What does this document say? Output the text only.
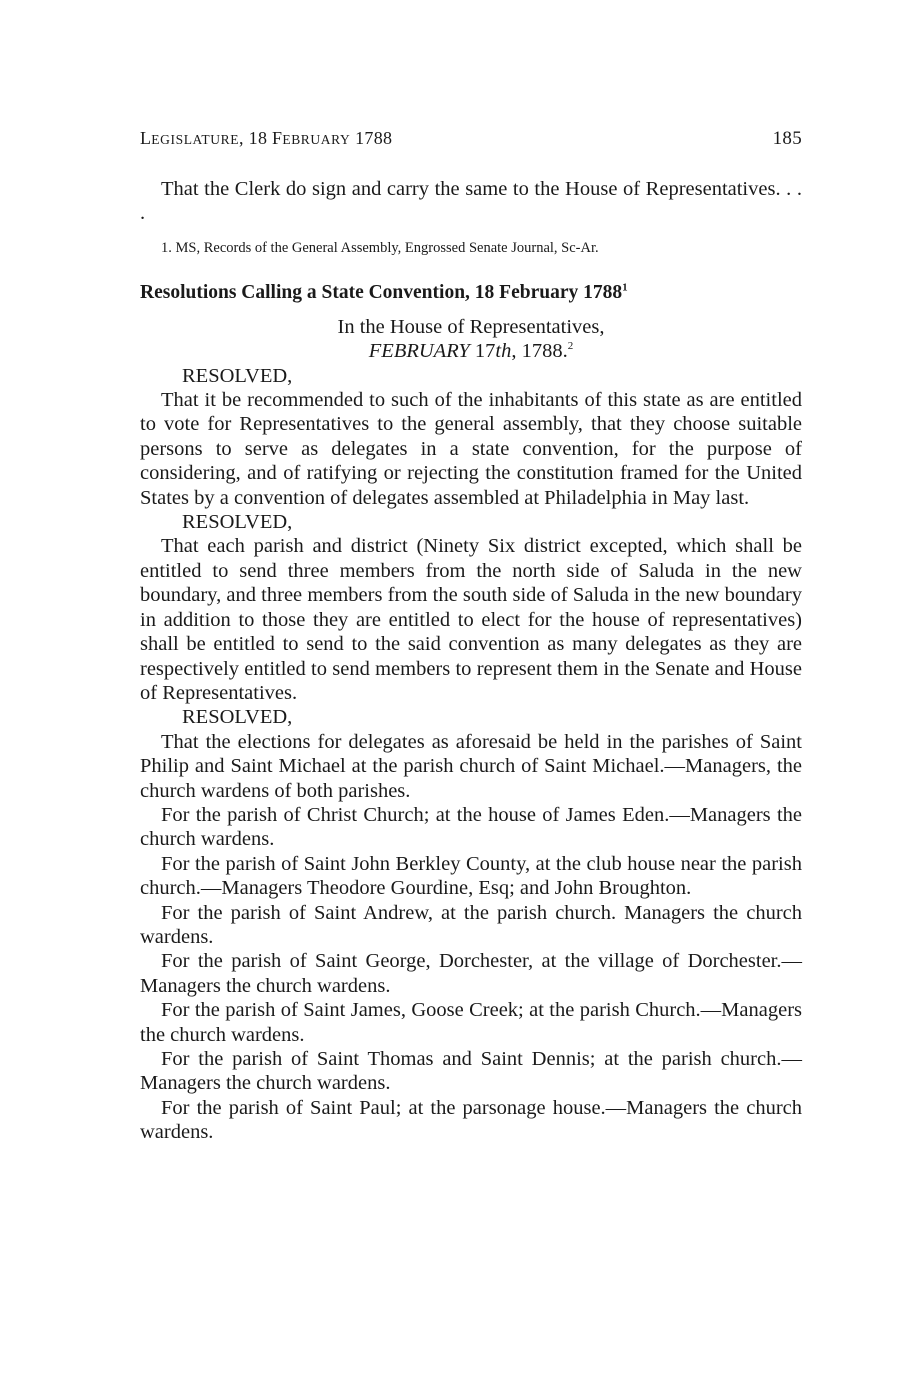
LEGISLATURE, 18 FEBRUARY 1788	185

That the Clerk do sign and carry the same to the House of Representatives. . . .

1. MS, Records of the General Assembly, Engrossed Senate Journal, Sc-Ar.

Resolutions Calling a State Convention, 18 February 1788$^1$

In the House of Representatives,

FEBRUARY 17th, 1788.$^2$

RESOLVED,

That it be recommended to such of the inhabitants of this state as are entitled to vote for Representatives to the general assembly, that they choose suitable persons to serve as delegates in a state convention, for the purpose of considering, and of ratifying or rejecting the constitution framed for the United States by a convention of delegates assembled at Philadelphia in May last.

RESOLVED,

That each parish and district (Ninety Six district excepted, which shall be entitled to send three members from the north side of Saluda in the new boundary, and three members from the south side of Saluda in the new boundary in addition to those they are entitled to elect for the house of representatives) shall be entitled to send to the said convention as many delegates as they are respectively entitled to send members to represent them in the Senate and House of Representatives.

RESOLVED,

That the elections for delegates as aforesaid be held in the parishes of Saint Philip and Saint Michael at the parish church of Saint Michael.—Managers, the church wardens of both parishes.

For the parish of Christ Church; at the house of James Eden.—Managers the church wardens.

For the parish of Saint John Berkley County, at the club house near the parish church.—Managers Theodore Gourdine, Esq; and John Broughton.

For the parish of Saint Andrew, at the parish church. Managers the church wardens.

For the parish of Saint George, Dorchester, at the village of Dorchester.—Managers the church wardens.

For the parish of Saint James, Goose Creek; at the parish Church.—Managers the church wardens.

For the parish of Saint Thomas and Saint Dennis; at the parish church.—Managers the church wardens.

For the parish of Saint Paul; at the parsonage house.—Managers the church wardens.
